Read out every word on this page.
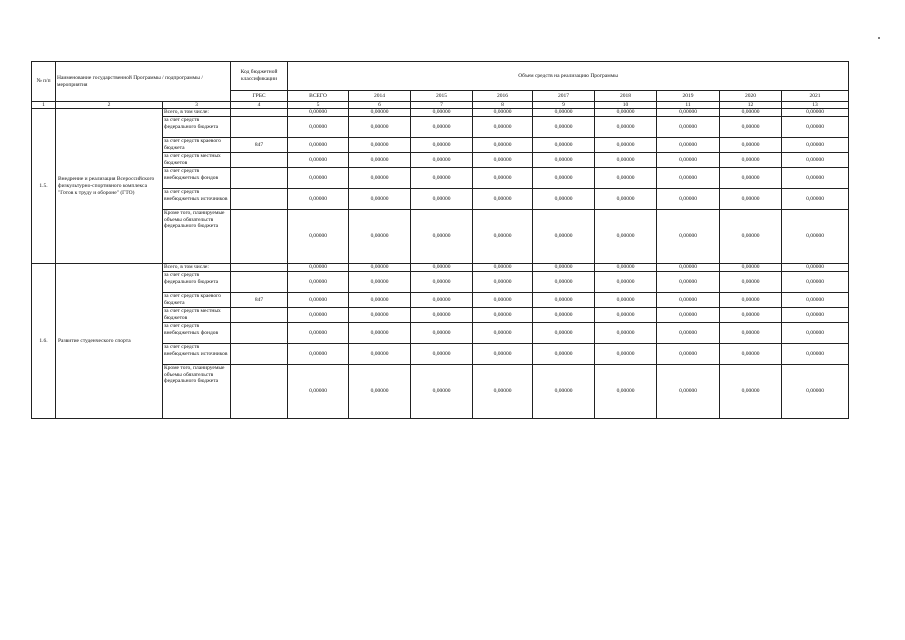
№ п/п	Наименование государственной Программы / подпрограммы / мероприятия		Код бюджетной классификации	Объем средств на реализацию Программы								
			ГРБС	ВСЕГО	2014	2015	2016	2017	2018	2019	2020	2021
1	2	3	4	5	6	7	8	9	10	11	12	13
1.5.	Внедрение и реализация Всероссийского физкультурно-спортивного комплекса "Готов к труду и обороне" (ГТО)	Всего, в том числе:		0,00000	0,00000	0,00000	0,00000	0,00000	0,00000	0,00000	0,00000	0,00000
		за счет средств федерального бюджета		0,00000	0,00000	0,00000	0,00000	0,00000	0,00000	0,00000	0,00000	0,00000
		за счет средств краевого бюджета	847	0,00000	0,00000	0,00000	0,00000	0,00000	0,00000	0,00000	0,00000	0,00000
		за счет средств местных бюджетов		0,00000	0,00000	0,00000	0,00000	0,00000	0,00000	0,00000	0,00000	0,00000
		за счет средств внебюджетных фондов		0,00000	0,00000	0,00000	0,00000	0,00000	0,00000	0,00000	0,00000	0,00000
		за счет средств внебюджетных источников		0,00000	0,00000	0,00000	0,00000	0,00000	0,00000	0,00000	0,00000	0,00000
		Кроме того, планируемые объемы обязательств федерального бюджета		0,00000	0,00000	0,00000	0,00000	0,00000	0,00000	0,00000	0,00000	0,00000
1.6.	Развитие студенческого спорта	Всего, в том числе:		0,00000	0,00000	0,00000	0,00000	0,00000	0,00000	0,00000	0,00000	0,00000
		за счет средств федерального бюджета		0,00000	0,00000	0,00000	0,00000	0,00000	0,00000	0,00000	0,00000	0,00000
		за счет средств краевого бюджета	847	0,00000	0,00000	0,00000	0,00000	0,00000	0,00000	0,00000	0,00000	0,00000
		за счет средств местных бюджетов		0,00000	0,00000	0,00000	0,00000	0,00000	0,00000	0,00000	0,00000	0,00000
		за счет средств внебюджетных фондов		0,00000	0,00000	0,00000	0,00000	0,00000	0,00000	0,00000	0,00000	0,00000
		за счет средств внебюджетных источников		0,00000	0,00000	0,00000	0,00000	0,00000	0,00000	0,00000	0,00000	0,00000
		Кроме того, планируемые объемы обязательств федерального бюджета		0,00000	0,00000	0,00000	0,00000	0,00000	0,00000	0,00000	0,00000	0,00000
